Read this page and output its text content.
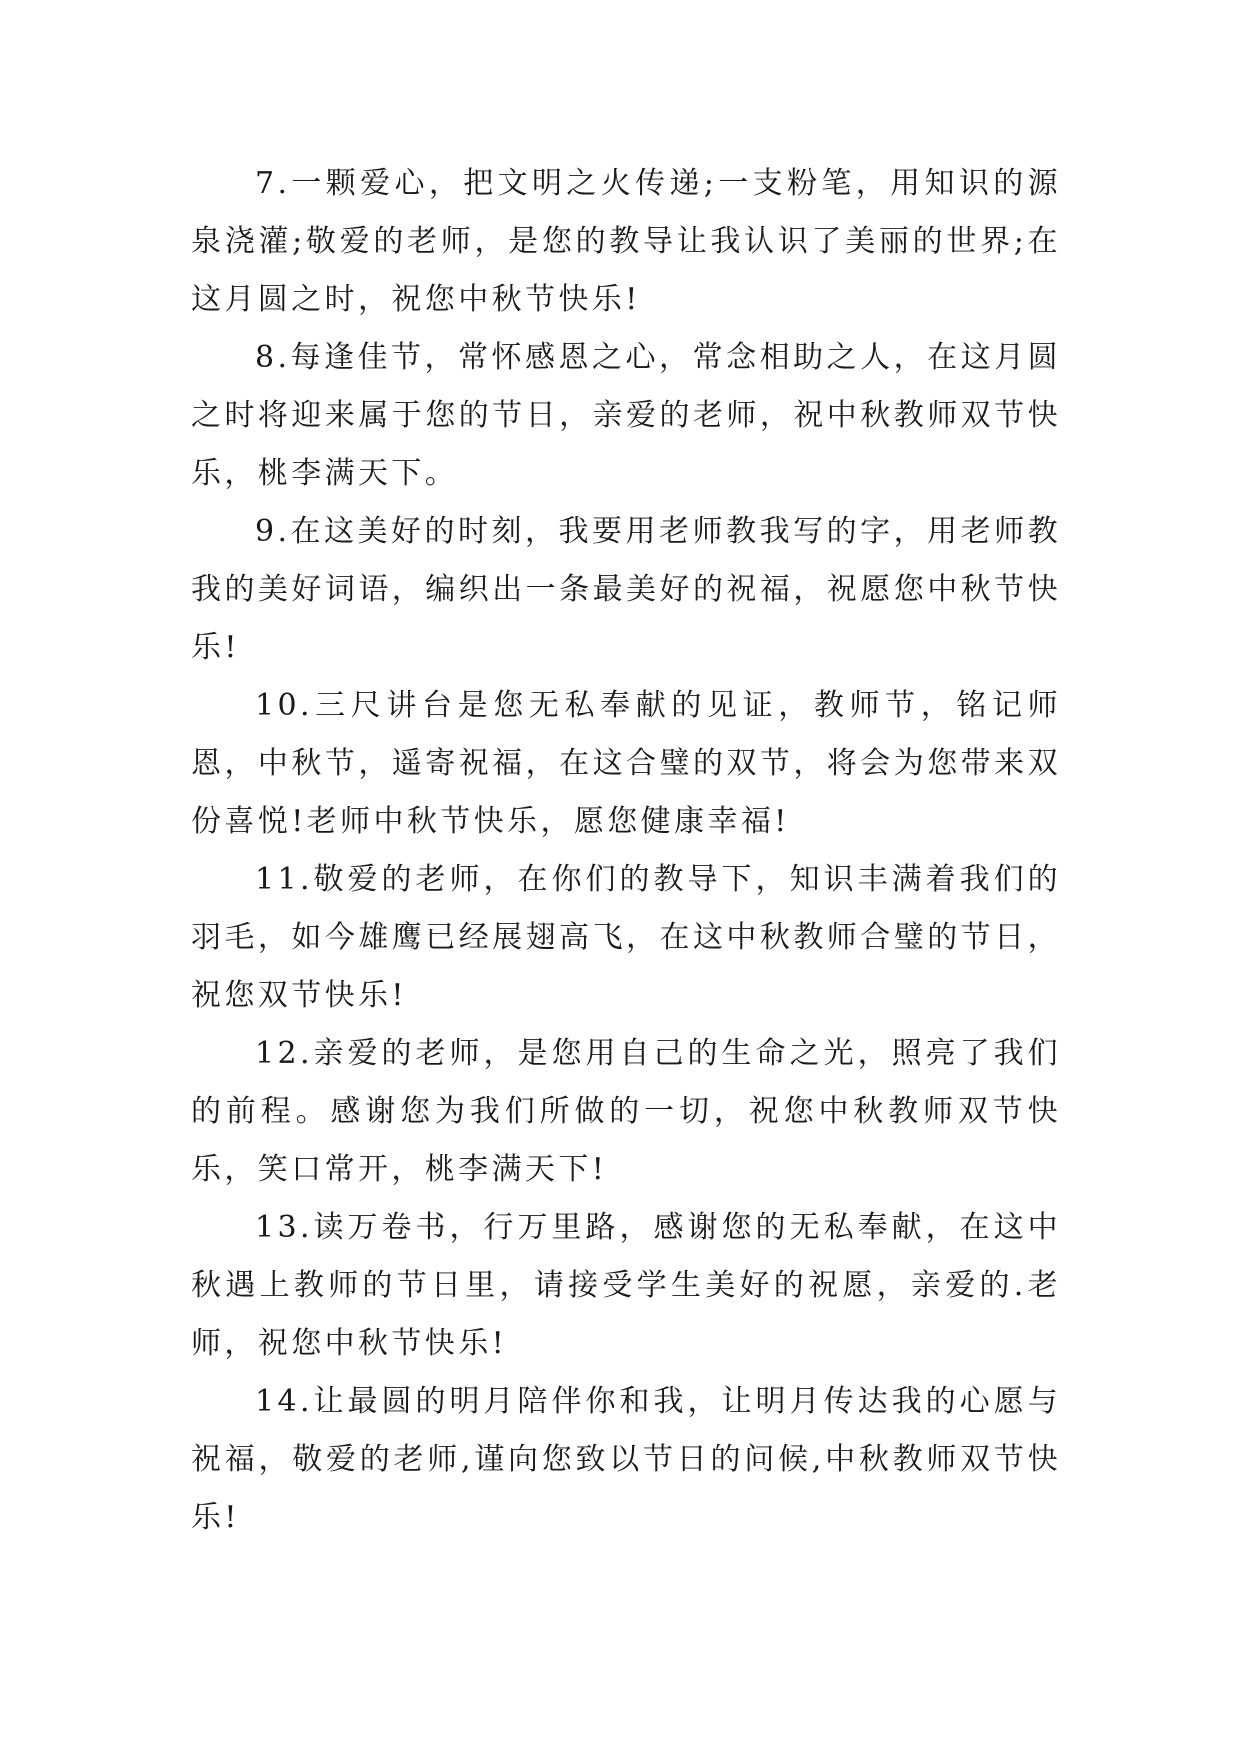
7.一颗爱心，把文明之火传递;一支粉笔，用知识的源泉浇灌;敬爱的老师，是您的教导让我认识了美丽的世界;在这月圆之时，祝您中秋节快乐!

8.每逢佳节，常怀感恩之心，常念相助之人，在这月圆之时将迎来属于您的节日，亲爱的老师，祝中秋教师双节快乐，桃李满天下。

9.在这美好的时刻，我要用老师教我写的字，用老师教我的美好词语，编织出一条最美好的祝福，祝愿您中秋节快乐!

10.三尺讲台是您无私奉献的见证，教师节，铭记师恩，中秋节，遥寄祝福，在这合璧的双节，将会为您带来双份喜悦!老师中秋节快乐，愿您健康幸福!

11.敬爱的老师，在你们的教导下，知识丰满着我们的羽毛，如今雄鹰已经展翅高飞，在这中秋教师合璧的节日，祝您双节快乐!

12.亲爱的老师，是您用自己的生命之光，照亮了我们的前程。感谢您为我们所做的一切，祝您中秋教师双节快乐，笑口常开，桃李满天下!

13.读万卷书，行万里路，感谢您的无私奉献，在这中秋遇上教师的节日里，请接受学生美好的祝愿，亲爱的.老师，祝您中秋节快乐!

14.让最圆的明月陪伴你和我，让明月传达我的心愿与祝福，敬爱的老师,谨向您致以节日的问候,中秋教师双节快乐!
